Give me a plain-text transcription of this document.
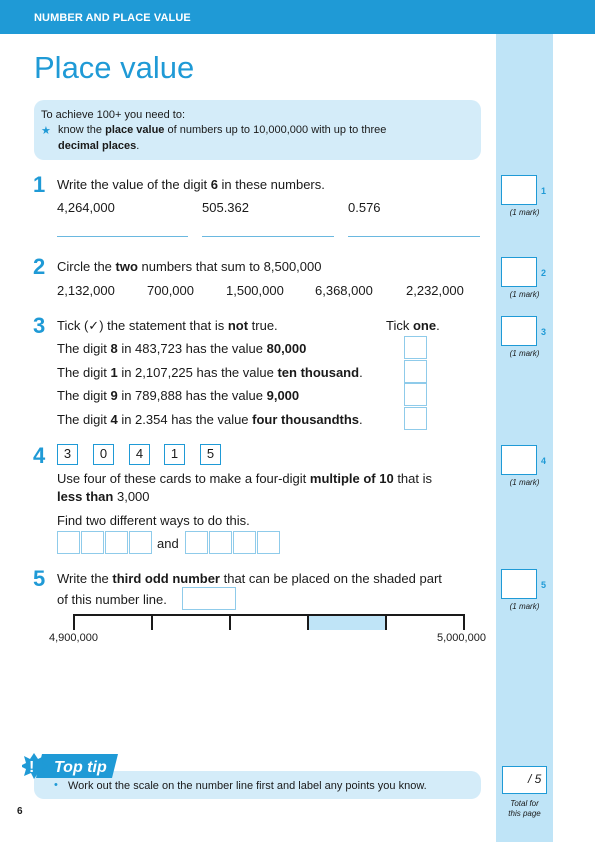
NUMBER AND PLACE VALUE
Place value
To achieve 100+ you need to:
★ know the place value of numbers up to 10,000,000 with up to three
decimal places.
1 Write the value of the digit 6 in these numbers.
4,264,000	505.362	0.576
2 Circle the two numbers that sum to 8,500,000
2,132,000 700,000 1,500,000 6,368,000	2,232,000
3 Tick (✓) the statement that is not true.	Tick one.
The digit 8 in 483,723 has the value 80,000
The digit 1 in 2,107,225 has the value ten thousand.
The digit 9 in 789,888 has the value 9,000
The digit 4 in 2.354 has the value four thousandths.
4	3	0	4	1	5
Use four of these cards to make a four-digit multiple of 10 that is
less than 3,000
Find two different ways to do this.
and
5 Write the third odd number that can be placed on the shaded part
of this number line.
4,900,000	5,000,000
1
(1 mark)
2
(1 mark)
3
(1 mark)
4
(1 mark)
5
(1 mark)
! Top tip
• Work out the scale on the number line first and label any points you know.	/ 5
Total for
this page
6
